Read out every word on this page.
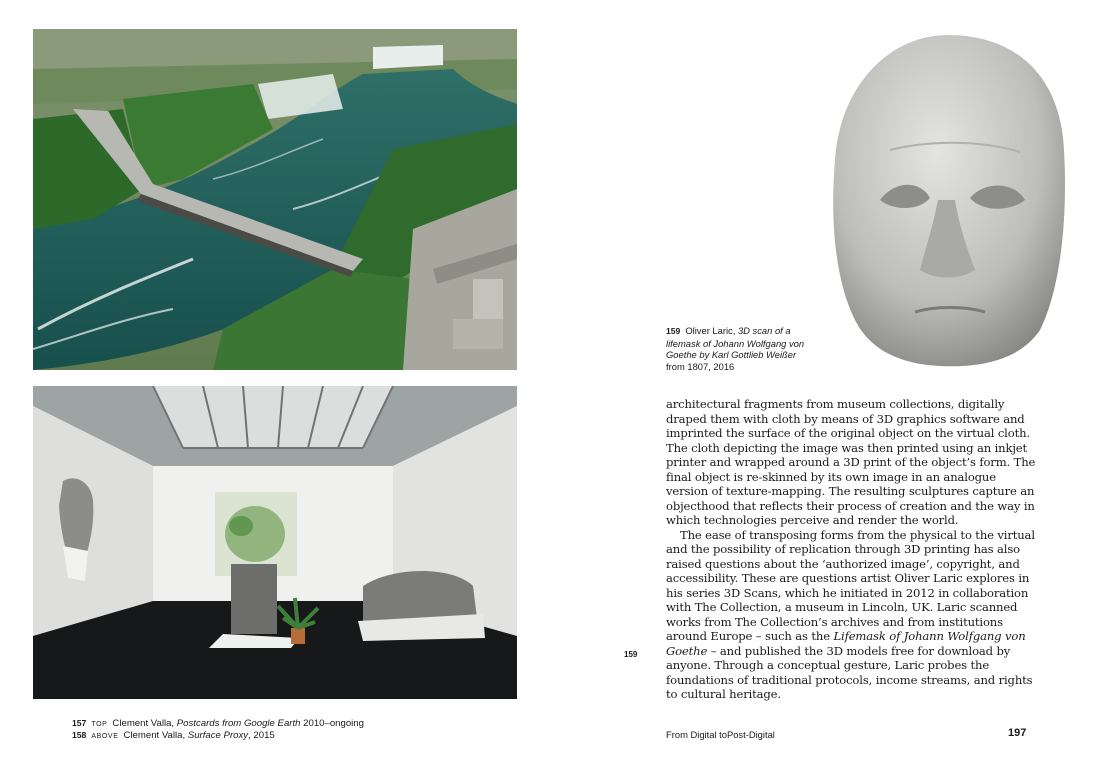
159 Oliver Laric, 3D scan of a lifemask of Johann Wolfgang von Goethe by Karl Gottlieb Weißer from 1807, 2016

architectural fragments from museum collections, digitally draped them with cloth by means of 3D graphics software and imprinted the surface of the original object on the virtual cloth. The cloth depicting the image was then printed using an inkjet printer and wrapped around a 3D print of the object’s form. The final object is re-skinned by its own image in an analogue version of texture-mapping. The resulting sculptures capture an objecthood that reflects their process of creation and the way in which technologies perceive and render the world.

The ease of transposing forms from the physical to the virtual and the possibility of replication through 3D printing has also raised questions about the ‘authorized image’, copyright, and accessibility. These are questions artist Oliver Laric explores in his series 3D Scans, which he initiated in 2012 in collaboration with The Collection, a museum in Lincoln, UK. Laric scanned works from The Collection’s archives and from institutions around Europe – such as the Lifemask of Johann Wolfgang von Goethe – and published the 3D models free for download by anyone. Through a conceptual gesture, Laric probes the foundations of traditional protocols, income streams, and rights to cultural heritage.

159
157 TOP Clement Valla, Postcards from Google Earth 2010–ongoing
158 ABOVE Clement Valla, Surface Proxy, 2015	From Digital toPost-Digital	197
